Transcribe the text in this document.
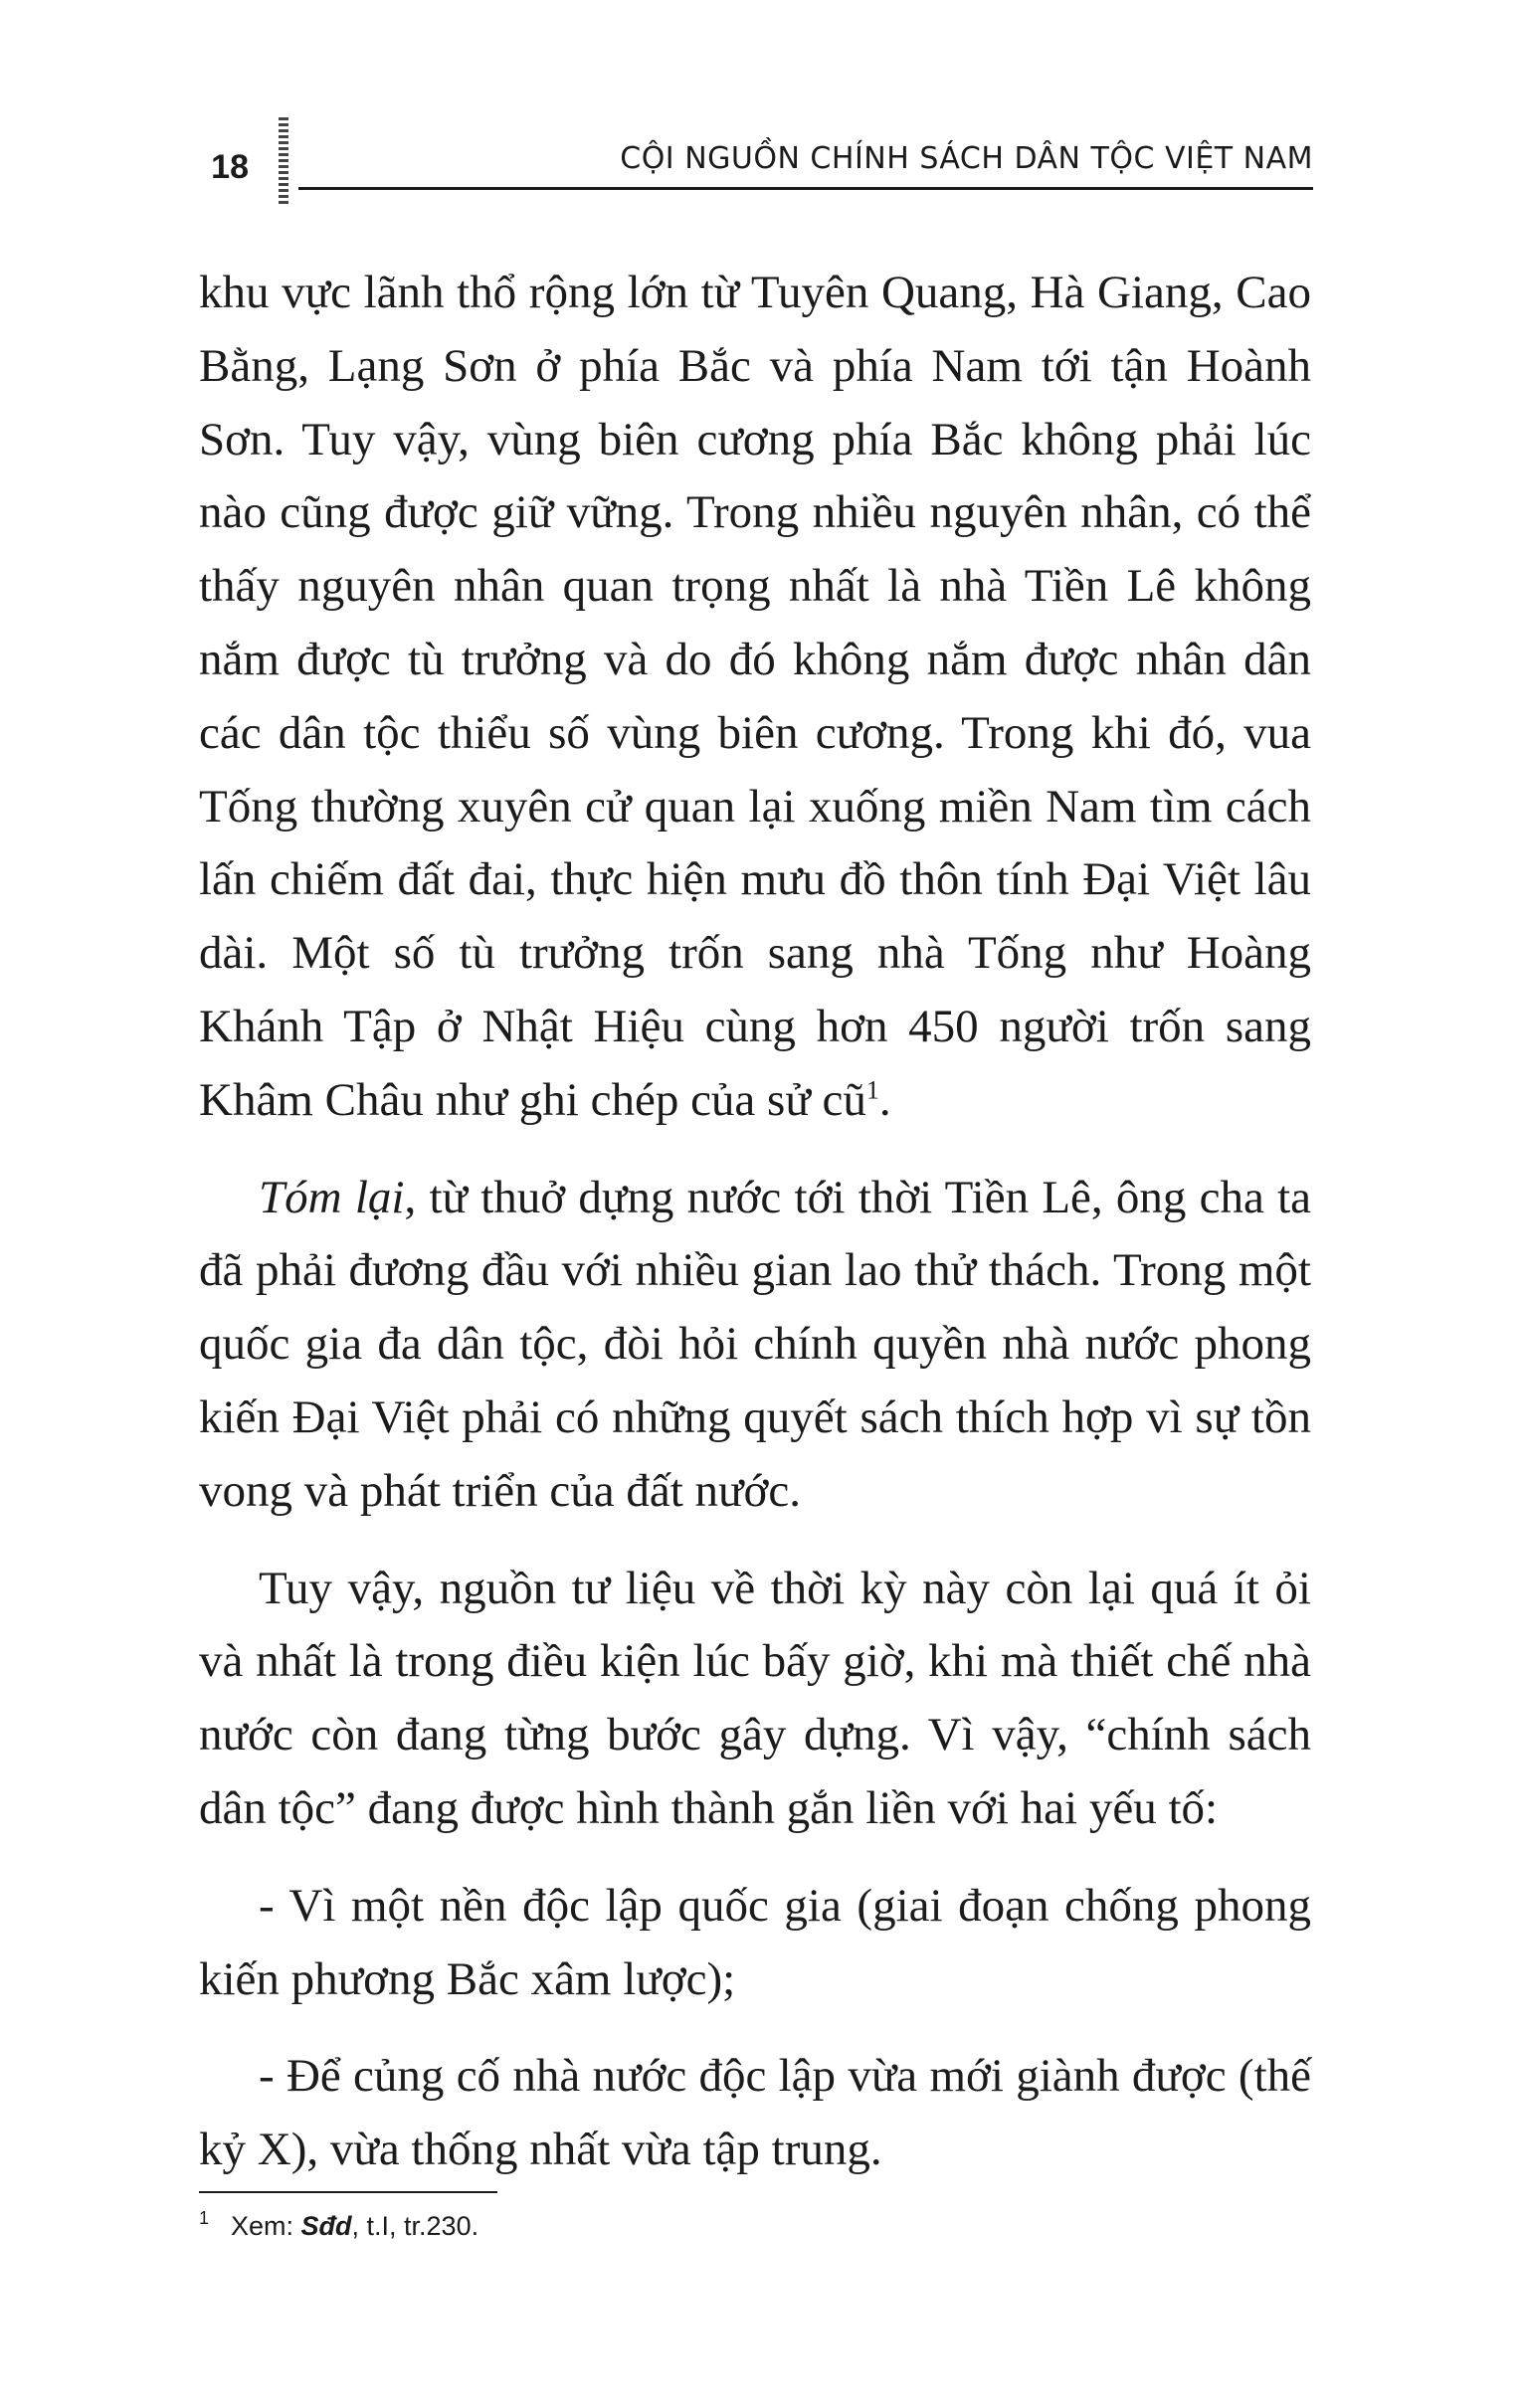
18	CỘI NGUỒN CHÍNH SÁCH DÂN TỘC VIỆT NAM

khu vực lãnh thổ rộng lớn từ Tuyên Quang, Hà Giang, Cao Bằng, Lạng Sơn ở phía Bắc và phía Nam tới tận Hoành Sơn. Tuy vậy, vùng biên cương phía Bắc không phải lúc nào cũng được giữ vững. Trong nhiều nguyên nhân, có thể thấy nguyên nhân quan trọng nhất là nhà Tiền Lê không nắm được tù trưởng và do đó không nắm được nhân dân các dân tộc thiểu số vùng biên cương. Trong khi đó, vua Tống thường xuyên cử quan lại xuống miền Nam tìm cách lấn chiếm đất đai, thực hiện mưu đồ thôn tính Đại Việt lâu dài. Một số tù trưởng trốn sang nhà Tống như Hoàng Khánh Tập ở Nhật Hiệu cùng hơn 450 người trốn sang Khâm Châu như ghi chép của sử $cũ^1$.

Tóm lại, từ thuở dựng nước tới thời Tiền Lê, ông cha ta đã phải đương đầu với nhiều gian lao thử thách. Trong một quốc gia đa dân tộc, đòi hỏi chính quyền nhà nước phong kiến Đại Việt phải có những quyết sách thích hợp vì sự tồn vong và phát triển của đất nước.

Tuy vậy, nguồn tư liệu về thời kỳ này còn lại quá ít ỏi và nhất là trong điều kiện lúc bấy giờ, khi mà thiết chế nhà nước còn đang từng bước gây dựng. Vì vậy, “chính sách dân tộc” đang được hình thành gắn liền với hai yếu tố:

- Vì một nền độc lập quốc gia (giai đoạn chống phong kiến phương Bắc xâm lược);

- Để củng cố nhà nước độc lập vừa mới giành được (thế kỷ X), vừa thống nhất vừa tập trung.

1 Xem: Sđd, t.I, tr.230.
